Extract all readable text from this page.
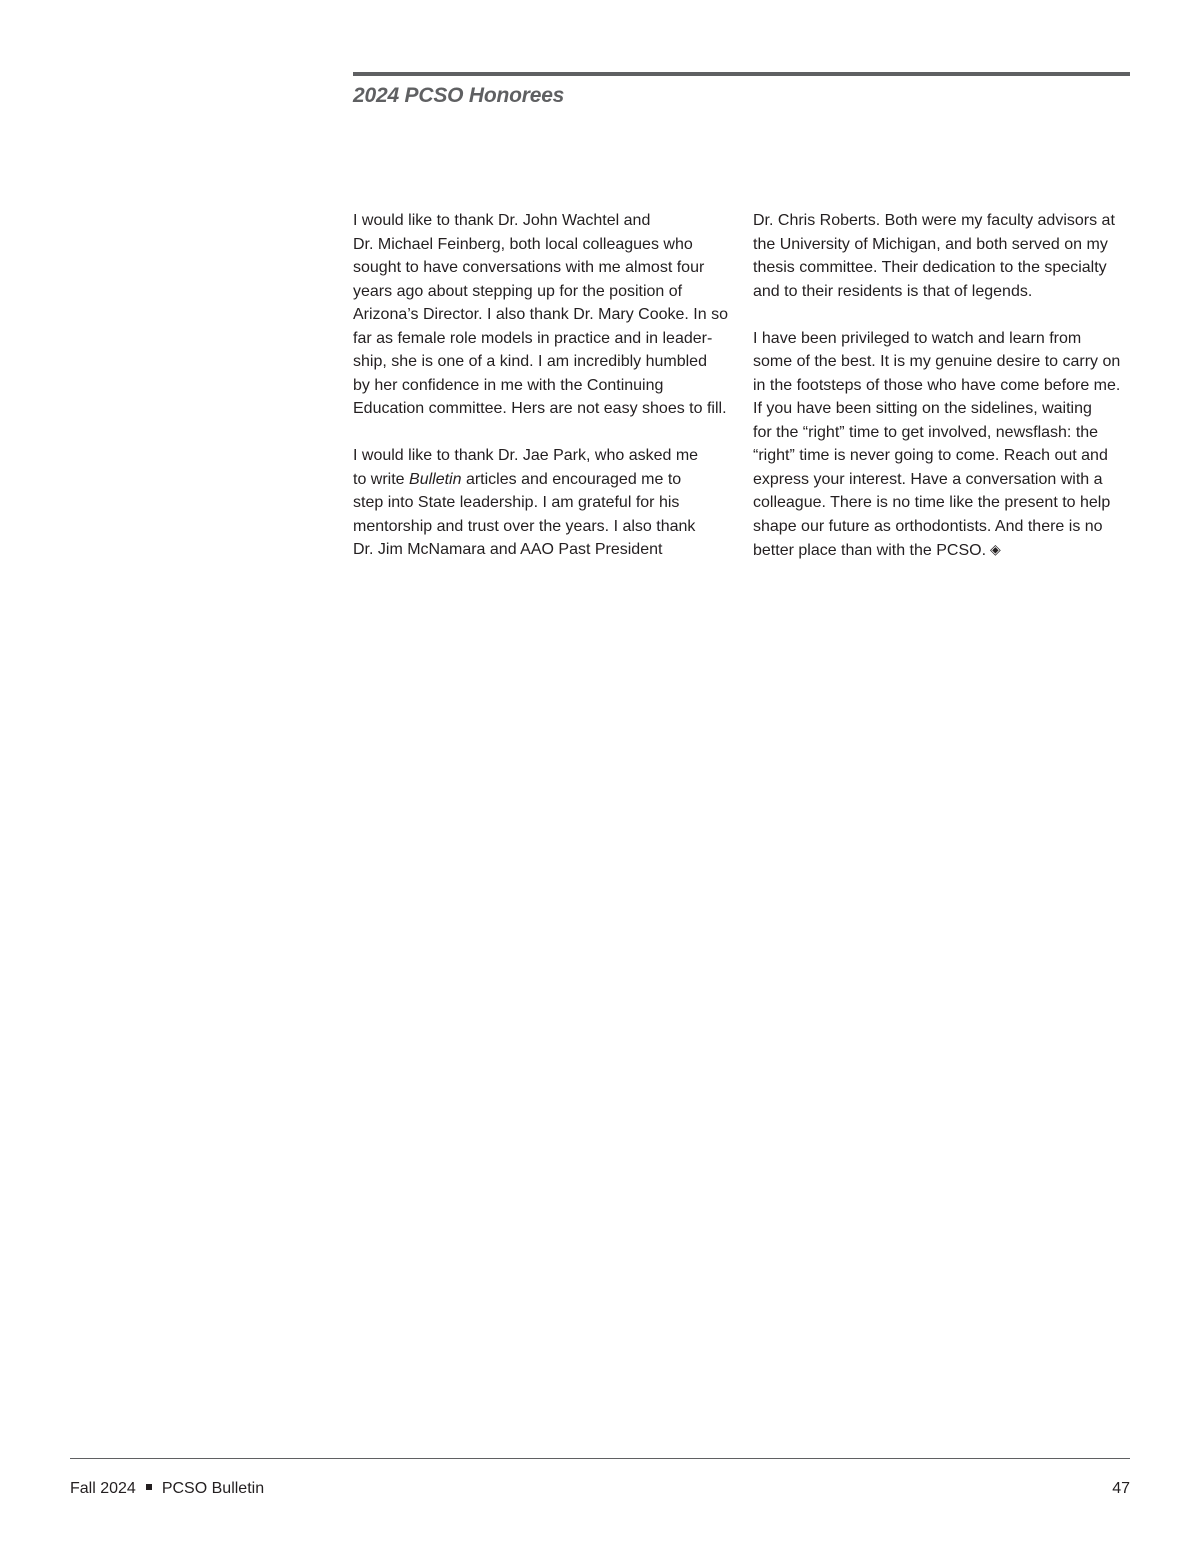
2024 PCSO Honorees

I would like to thank Dr. John Wachtel and
Dr. Michael Feinberg, both local colleagues who
sought to have conversations with me almost four
years ago about stepping up for the position of
Arizona’s Director. I also thank Dr. Mary Cooke. In so
far as female role models in practice and in leader-
ship, she is one of a kind. I am incredibly humbled
by her confidence in me with the Continuing
Education committee. Hers are not easy shoes to fill.

I would like to thank Dr. Jae Park, who asked me
to write Bulletin articles and encouraged me to
step into State leadership. I am grateful for his
mentorship and trust over the years. I also thank
Dr. Jim McNamara and AAO Past President

Dr. Chris Roberts. Both were my faculty advisors at
the University of Michigan, and both served on my
thesis committee. Their dedication to the specialty
and to their residents is that of legends.

I have been privileged to watch and learn from
some of the best. It is my genuine desire to carry on
in the footsteps of those who have come before me.
If you have been sitting on the sidelines, waiting
for the “right” time to get involved, newsflash: the
“right” time is never going to come. Reach out and
express your interest. Have a conversation with a
colleague. There is no time like the present to help
shape our future as orthodontists. And there is no
better place than with the PCSO. ◈

Fall 2024 PCSO Bulletin	47
